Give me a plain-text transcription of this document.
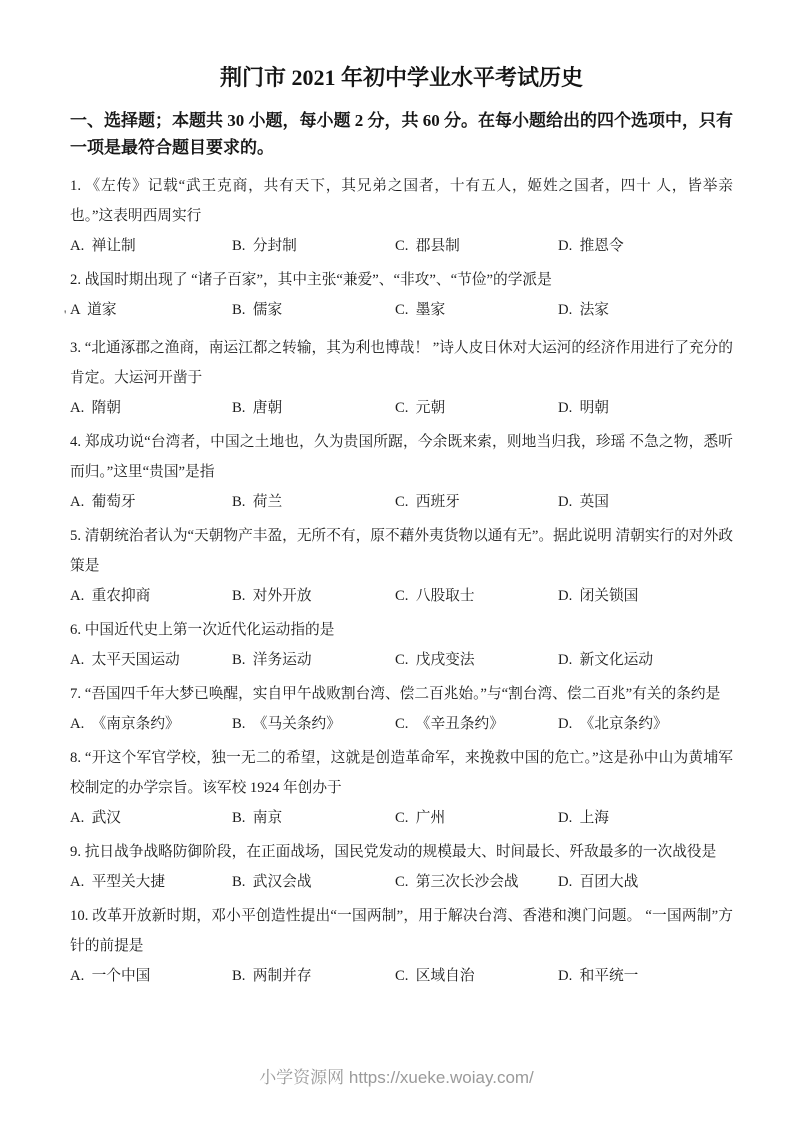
荆门市 2021 年初中学业水平考试历史
一、选择题；本题共 30 小题，每小题 2 分，共 60 分。在每小题给出的四个选项中，只有一项是最符合题目要求的。
1. 《左传》记载“武王克商，共有天下，其兄弟之国者，十有五人，姬姓之国者，四十 人，皆举亲也。”这表明西周实行
A.  禅让制	B.  分封制	C.  郡县制	D.  推恩令
2. 战国时期出现了 “诸子百家”，其中主张“兼爱”、“非攻”、“节俭”的学派是
A  道家	B.  儒家	C.  墨家	D.  法家
3. “北通涿郡之渔商，南运江都之转输，其为利也博哉！ ”诗人皮日休对大运河的经济作用进行了充分的肯定。大运河开凿于
A.  隋朝	B.  唐朝	C.  元朝	D.  明朝
4. 郑成功说“台湾者，中国之土地也，久为贵国所踞，今余既来索，则地当归我，珍瑶 不急之物，悉听而归。”这里“贵国”是指
A.  葡萄牙	B.  荷兰	C.  西班牙	D.  英国
5. 清朝统治者认为“天朝物产丰盈，无所不有，原不藉外夷货物以通有无”。据此说明 清朝实行的对外政策是
A.  重农抑商	B.  对外开放	C.  八股取士	D.  闭关锁国
6. 中国近代史上第一次近代化运动指的是
A.  太平天国运动	B.  洋务运动	C.  戊戌变法	D.  新文化运动
7. “吾国四千年大梦已唤醒，实自甲午战败割台湾、偿二百兆始。”与“割台湾、偿二百兆”有关的条约是
A.  《南京条约》	B.  《马关条约》	C.  《辛丑条约》	D.  《北京条约》
8. “开这个军官学校，独一无二的希望，这就是创造革命军，来挽救中国的危亡。”这是孙中山为黄埔军校制定的办学宗旨。该军校 1924 年创办于
A.  武汉	B.  南京	C.  广州	D.  上海
9. 抗日战争战略防御阶段，在正面战场，国民党发动的规模最大、时间最长、歼敌最多的一次战役是
A.  平型关大捷	B.  武汉会战	C.  第三次长沙会战	D.  百团大战
10. 改革开放新时期，邓小平创造性提出“一国两制”，用于解决台湾、香港和澳门问题。 “一国两制”方针的前提是
A.  一个中国	B.  两制并存	C.  区域自治	D.  和平统一
'
小学资源网 https://xueke.woiay.com/
